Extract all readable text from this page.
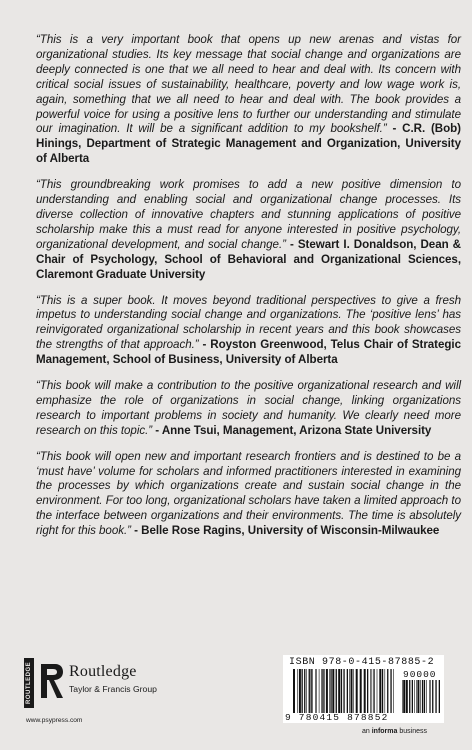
“This is a very important book that opens up new arenas and vistas for organizational studies. Its key message that social change and organizations are deeply connected is one that we all need to hear and deal with. Its concern with critical social issues of sustainability, healthcare, poverty and low wage work is, again, something that we all need to hear and deal with. The book provides a powerful voice for using a positive lens to further our understanding and stimulate our imagination. It will be a significant addition to my bookshelf.” - C.R. (Bob) Hinings, Department of Strategic Management and Organization, University of Alberta

“This groundbreaking work promises to add a new positive dimension to understanding and enabling social and organizational change processes. Its diverse collection of innovative chapters and stunning applications of positive scholarship make this a must read for anyone interested in positive psychology, organizational development, and social change.” - Stewart I. Donaldson, Dean & Chair of Psychology, School of Behavioral and Organizational Sciences, Claremont Graduate University

“This is a super book. It moves beyond traditional perspectives to give a fresh impetus to understanding social change and organizations. The ‘positive lens’ has reinvigorated organizational scholarship in recent years and this book showcases the strengths of that approach.” - Royston Greenwood, Telus Chair of Strategic Management, School of Business, University of Alberta

“This book will make a contribution to the positive organizational research and will emphasize the role of organizations in social change, linking organizations research to important problems in society and humanity. We clearly need more research on this topic.” - Anne Tsui, Management, Arizona State University

“This book will open new and important research frontiers and is destined to be a ‘must have’ volume for scholars and informed practitioners interested in examining the processes by which organizations create and sustain social change in the environment. For too long, organizational scholars have taken a limited approach to the interface between organizations and their environments. The time is absolutely right for this book.” - Belle Rose Ragins, University of Wisconsin-Milwaukee

ROUTLEDGE Routledge
Taylor & Francis Group
www.psypress.com
ISBN 978-0-415-87885-2
90000
9 780415 878852
an informa business
